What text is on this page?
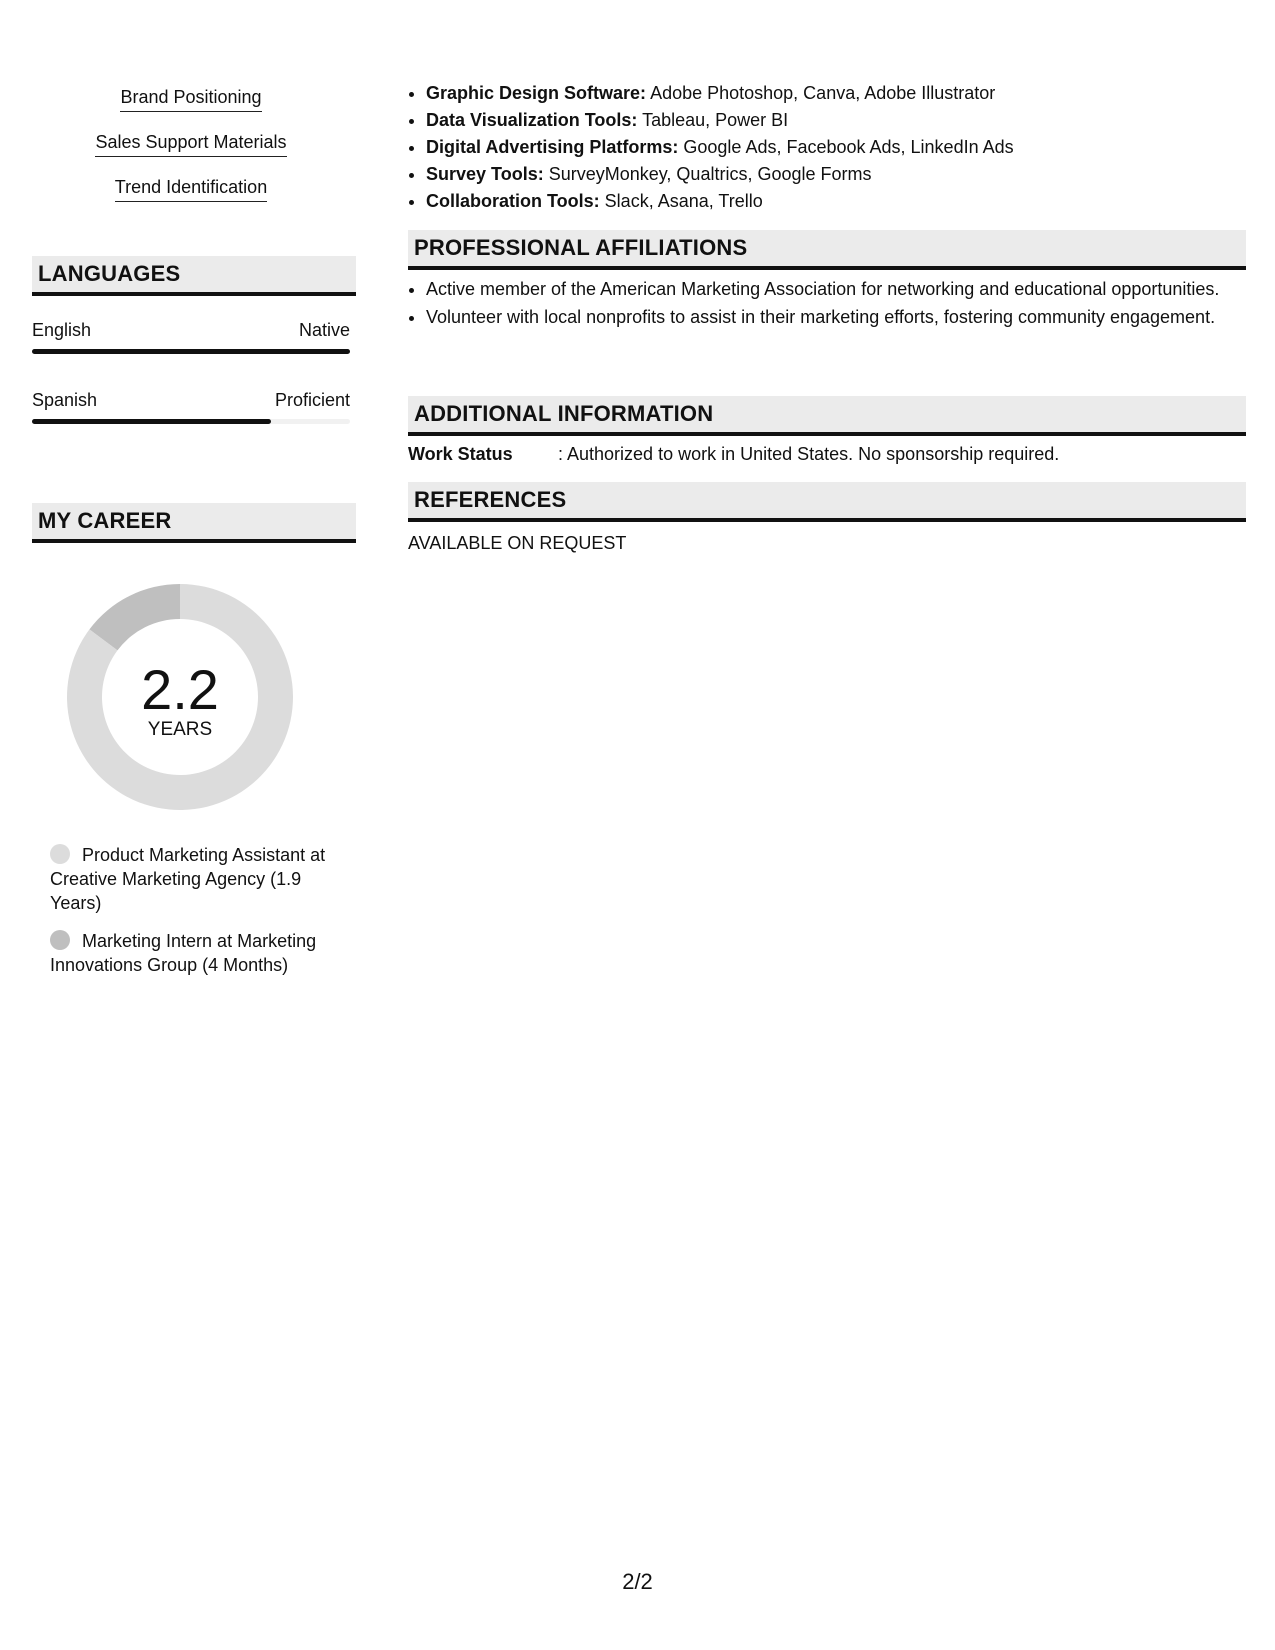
Brand Positioning
Sales Support Materials
Trend Identification
LANGUAGES
English	Native
Spanish	Proficient
MY CAREER
2.2
YEARS
Product Marketing Assistant at Creative Marketing Agency (1.9 Years)
Marketing Intern at Marketing Innovations Group (4 Months)
• Graphic Design Software: Adobe Photoshop, Canva, Adobe Illustrator
• Data Visualization Tools: Tableau, Power BI
• Digital Advertising Platforms: Google Ads, Facebook Ads, LinkedIn Ads
• Survey Tools: SurveyMonkey, Qualtrics, Google Forms
• Collaboration Tools: Slack, Asana, Trello
PROFESSIONAL AFFILIATIONS
• Active member of the American Marketing Association for networking and educational opportunities.
• Volunteer with local nonprofits to assist in their marketing efforts, fostering community engagement.
ADDITIONAL INFORMATION
Work Status	: Authorized to work in United States. No sponsorship required.
REFERENCES
AVAILABLE ON REQUEST
2/2
